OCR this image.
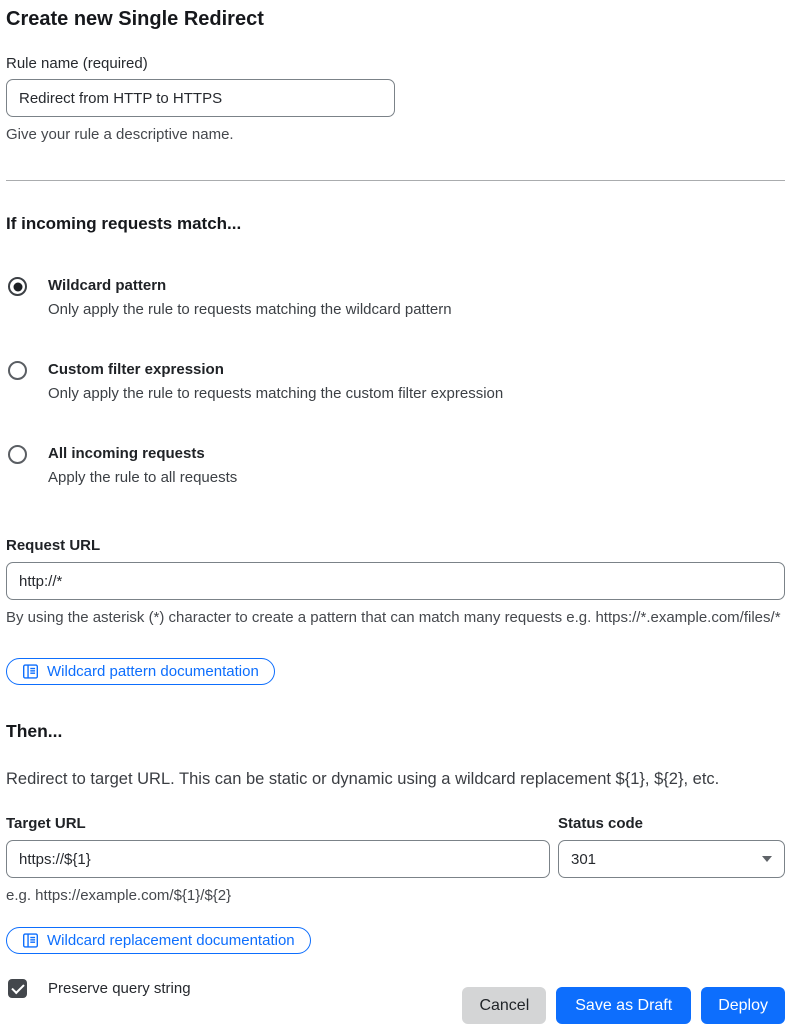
Create new Single Redirect
Rule name (required)
Redirect from HTTP to HTTPS
Give your rule a descriptive name.
If incoming requests match...
Wildcard pattern
Only apply the rule to requests matching the wildcard pattern
Custom filter expression
Only apply the rule to requests matching the custom filter expression
All incoming requests
Apply the rule to all requests
Request URL
http://*
By using the asterisk (*) character to create a pattern that can match many requests e.g. https://*.example.com/files/*
Wildcard pattern documentation
Then...

Redirect to target URL. This can be static or dynamic using a wildcard replacement ${1}, ${2}, etc.

Target URL
https://${1}
e.g. https://example.com/${1}/${2}
Status code
301
Wildcard replacement documentation
Preserve query string
Cancel	Save as Draft	Deploy
